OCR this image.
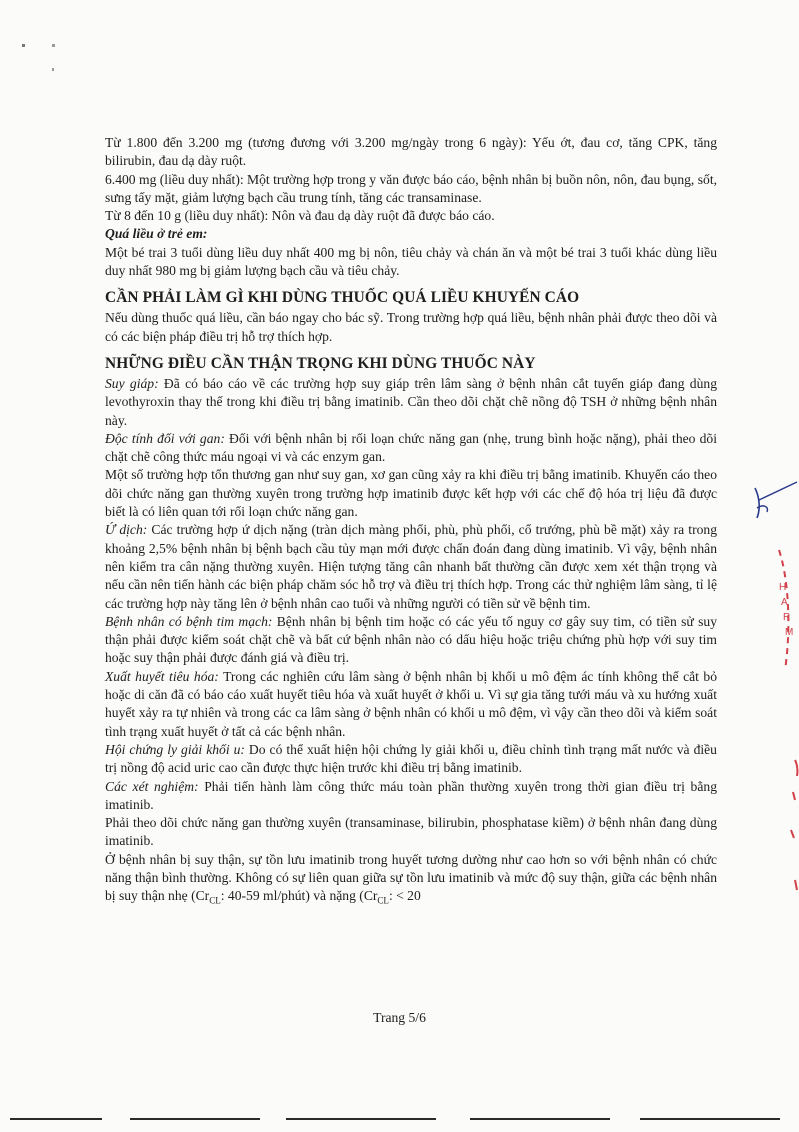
H
A
R
M

Từ 1.800 đến 3.200 mg (tương đương với 3.200 mg/ngày trong 6 ngày): Yếu ớt, đau cơ, tăng CPK, tăng bilirubin, đau dạ dày ruột.

6.400 mg (liều duy nhất): Một trường hợp trong y văn được báo cáo, bệnh nhân bị buồn nôn, nôn, đau bụng, sốt, sưng tấy mặt, giảm lượng bạch cầu trung tính, tăng các transaminase.

Từ 8 đến 10 g (liều duy nhất): Nôn và đau dạ dày ruột đã được báo cáo.

Quá liều ở trẻ em:

Một bé trai 3 tuổi dùng liều duy nhất 400 mg bị nôn, tiêu chảy và chán ăn và một bé trai 3 tuổi khác dùng liều duy nhất 980 mg bị giảm lượng bạch cầu và tiêu chảy.

CẦN PHẢI LÀM GÌ KHI DÙNG THUỐC QUÁ LIỀU KHUYẾN CÁO

Nếu dùng thuốc quá liều, cần báo ngay cho bác sỹ. Trong trường hợp quá liều, bệnh nhân phải được theo dõi và có các biện pháp điều trị hỗ trợ thích hợp.

NHỮNG ĐIỀU CẦN THẬN TRỌNG KHI DÙNG THUỐC NÀY

Suy giáp: Đã có báo cáo về các trường hợp suy giáp trên lâm sàng ở bệnh nhân cắt tuyến giáp đang dùng levothyroxin thay thế trong khi điều trị bằng imatinib. Cần theo dõi chặt chẽ nồng độ TSH ở những bệnh nhân này.

Độc tính đối với gan: Đối với bệnh nhân bị rối loạn chức năng gan (nhẹ, trung bình hoặc nặng), phải theo dõi chặt chẽ công thức máu ngoại vi và các enzym gan.

Một số trường hợp tổn thương gan như suy gan, xơ gan cũng xảy ra khi điều trị bằng imatinib. Khuyến cáo theo dõi chức năng gan thường xuyên trong trường hợp imatinib được kết hợp với các chế độ hóa trị liệu đã được biết là có liên quan tới rối loạn chức năng gan.

Ứ dịch: Các trường hợp ứ dịch nặng (tràn dịch màng phổi, phù, phù phổi, cổ trướng, phù bề mặt) xảy ra trong khoảng 2,5% bệnh nhân bị bệnh bạch cầu tủy mạn mới được chẩn đoán đang dùng imatinib. Vì vậy, bệnh nhân nên kiểm tra cân nặng thường xuyên. Hiện tượng tăng cân nhanh bất thường cần được xem xét thận trọng và nếu cần nên tiến hành các biện pháp chăm sóc hỗ trợ và điều trị thích hợp. Trong các thử nghiệm lâm sàng, tỉ lệ các trường hợp này tăng lên ở bệnh nhân cao tuổi và những người có tiền sử về bệnh tim.

Bệnh nhân có bệnh tim mạch: Bệnh nhân bị bệnh tim hoặc có các yếu tố nguy cơ gây suy tim, có tiền sử suy thận phải được kiểm soát chặt chẽ và bất cứ bệnh nhân nào có dấu hiệu hoặc triệu chứng phù hợp với suy tim hoặc suy thận phải được đánh giá và điều trị.

Xuất huyết tiêu hóa: Trong các nghiên cứu lâm sàng ở bệnh nhân bị khối u mô đệm ác tính không thể cắt bỏ hoặc di căn đã có báo cáo xuất huyết tiêu hóa và xuất huyết ở khối u. Vì sự gia tăng tưới máu và xu hướng xuất huyết xảy ra tự nhiên và trong các ca lâm sàng ở bệnh nhân có khối u mô đệm, vì vậy cần theo dõi và kiểm soát tình trạng xuất huyết ở tất cả các bệnh nhân.

Hội chứng ly giải khối u: Do có thể xuất hiện hội chứng ly giải khối u, điều chỉnh tình trạng mất nước và điều trị nồng độ acid uric cao cần được thực hiện trước khi điều trị bằng imatinib.

Các xét nghiệm: Phải tiến hành làm công thức máu toàn phần thường xuyên trong thời gian điều trị bằng imatinib.

Phải theo dõi chức năng gan thường xuyên (transaminase, bilirubin, phosphatase kiềm) ở bệnh nhân đang dùng imatinib.

Ở bệnh nhân bị suy thận, sự tồn lưu imatinib trong huyết tương dường như cao hơn so với bệnh nhân có chức năng thận bình thường. Không có sự liên quan giữa sự tồn lưu imatinib và mức độ suy thận, giữa các bệnh nhân bị suy thận nhẹ ($Cr_{CL}$: 40-59 ml/phút) và nặng ($Cr_{CL}$: < 20

Trang 5/6
